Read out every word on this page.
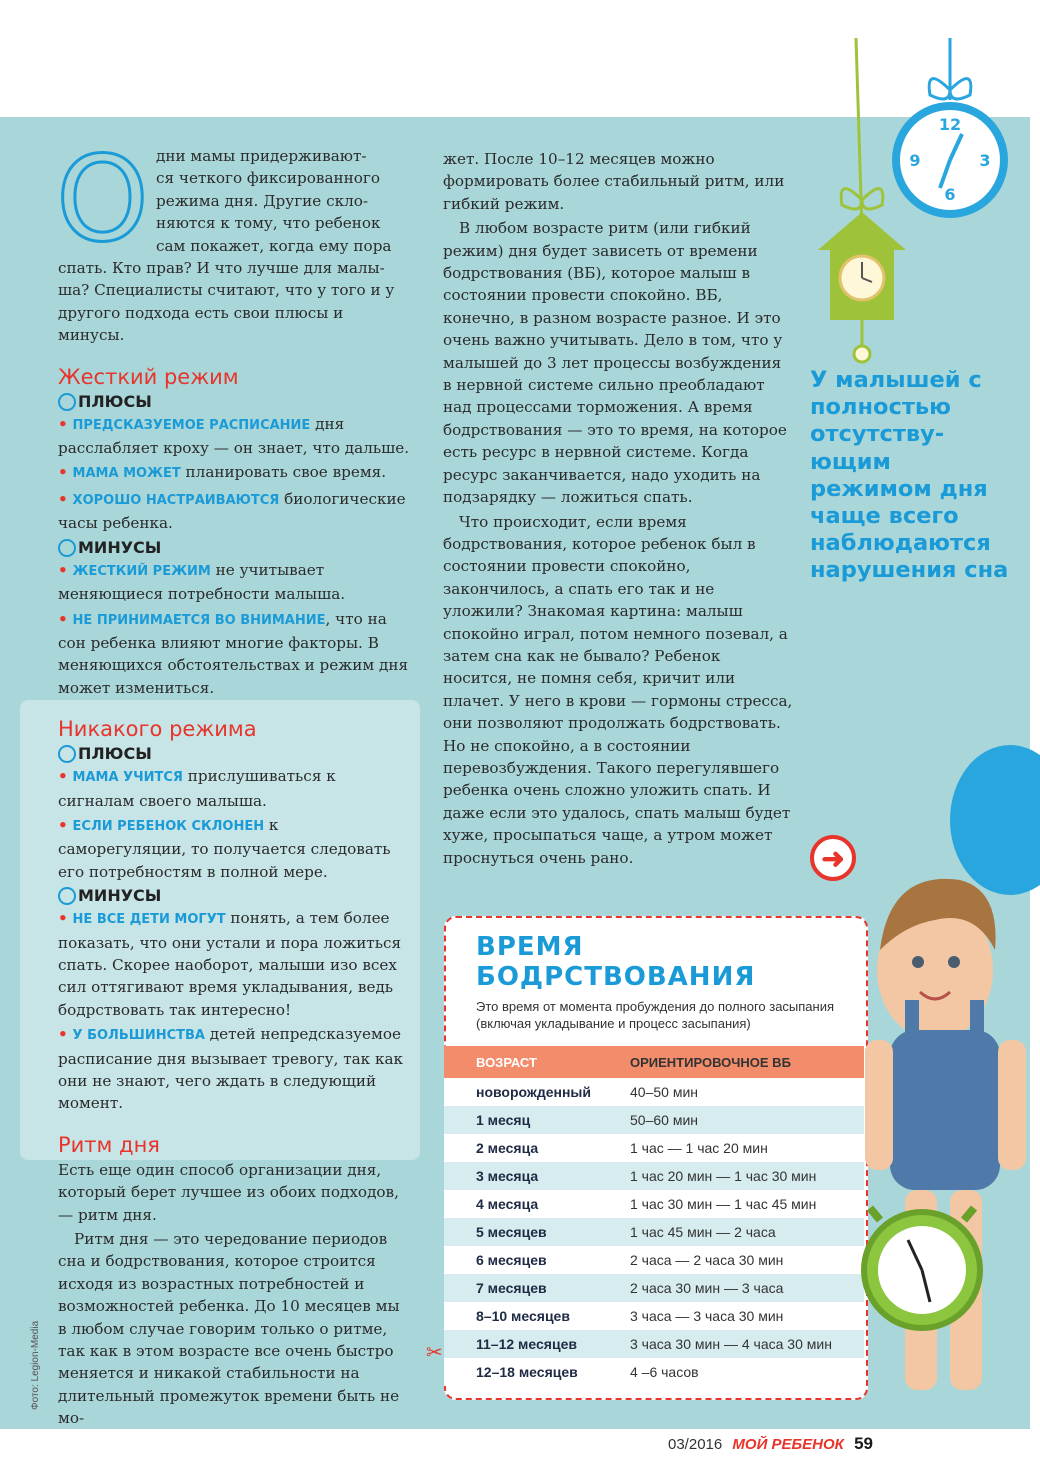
12
3
6
9
О дни мамы придерживают-
ся четкого фиксированного
режима дня. Другие скло-
няются к тому, что ребенок
сам покажет, когда ему пора
спать. Кто прав? И что лучше для малы-ша? Специалисты считают, что у того и у другого подхода есть свои плюсы и минусы.
Жесткий режим
ПЛЮСЫ

• ПРЕДСКАЗУЕМОЕ РАСПИСАНИЕ дня расслабляет кроху — он знает, что дальше.

• МАМА МОЖЕТ планировать свое время.

• ХОРОШО НАСТРАИВАЮТСЯ биологические часы ребенка.

МИНУСЫ

• ЖЕСТКИЙ РЕЖИМ не учитывает меняющиеся потребности малыша.

• НЕ ПРИНИМАЕТСЯ ВО ВНИМАНИЕ, что на сон ребенка влияют многие факторы. В меняющихся обстоятельствах и режим дня может измениться.

Никакого режима
ПЛЮСЫ

• МАМА УЧИТСЯ прислушиваться к сигналам своего малыша.

• ЕСЛИ РЕБЕНОК СКЛОНЕН к саморегуляции, то получается следовать его потребностям в полной мере.

МИНУСЫ

• НЕ ВСЕ ДЕТИ МОГУТ понять, а тем более показать, что они устали и пора ложиться спать. Скорее наоборот, малыши изо всех сил оттягивают время укладывания, ведь бодрствовать так интересно!

• У БОЛЬШИНСТВА детей непредсказуемое расписание дня вызывает тревогу, так как они не знают, чего ждать в следующий момент.

Ритм дня

Есть еще один способ организации дня, который берет лучшее из обоих подходов, — ритм дня.

Ритм дня — это чередование периодов сна и бодрствования, которое строится исходя из возрастных потребностей и возможностей ребенка. До 10 месяцев мы в любом случае говорим только о ритме, так как в этом возрасте все очень быстро меняется и никакой стабильности на длительный промежуток времени быть не мо-

жет. После 10–12 месяцев можно формировать более стабильный ритм, или гибкий режим.

В любом возрасте ритм (или гибкий режим) дня будет зависеть от времени бодрствования (ВБ), которое малыш в состоянии провести спокойно. ВБ, конечно, в разном возрасте разное. И это очень важно учитывать. Дело в том, что у малышей до 3 лет процессы возбуждения в нервной системе сильно преобладают над процессами торможения. А время бодрствования — это то время, на которое есть ресурс в нервной системе. Когда ресурс заканчивается, надо уходить на подзарядку — ложиться спать.

Что происходит, если время бодрствования, которое ребенок был в состоянии провести спокойно, закончилось, а спать его так и не уложили? Знакомая картина: малыш спокойно играл, потом немного позевал, а затем сна как не бывало? Ребенок носится, не помня себя, кричит или плачет. У него в крови — гормоны стресса, они позволяют продолжать бодрствовать. Но не спокойно, а в состоянии перевозбуждения. Такого перегулявшего ребенка очень сложно уложить спать. И даже если это удалось, спать малыш будет хуже, просыпаться чаще, а утром может проснуться очень рано.

У малышей с полностью отсутству-ющим режимом дня чаще всего наблюдаются нарушения сна
➜
ВРЕМЯ
БОДРСТВОВАНИЯ
Это время от момента пробуждения до полного засыпания (включая укладывание и процесс засыпания)
ВОЗРАСТ	ОРИЕНТИРОВОЧНОЕ ВБ
новорожденный	40–50 мин
1 месяц	50–60 мин
2 месяца	1 час — 1 час 20 мин
3 месяца	1 час 20 мин — 1 час 30 мин
4 месяца	1 час 30 мин — 1 час 45 мин
5 месяцев	1 час 45 мин — 2 часа
6 месяцев	2 часа — 2 часа 30 мин
7 месяцев	2 часа 30 мин — 3 часа
8–10 месяцев	3 часа — 3 часа 30 мин
11–12 месяцев	3 часа 30 мин — 4 часа 30 мин
12–18 месяцев	4 –6 часов
✂
Фото: Legion-Media
03/2016 МОЙ РЕБЕНОК 59
